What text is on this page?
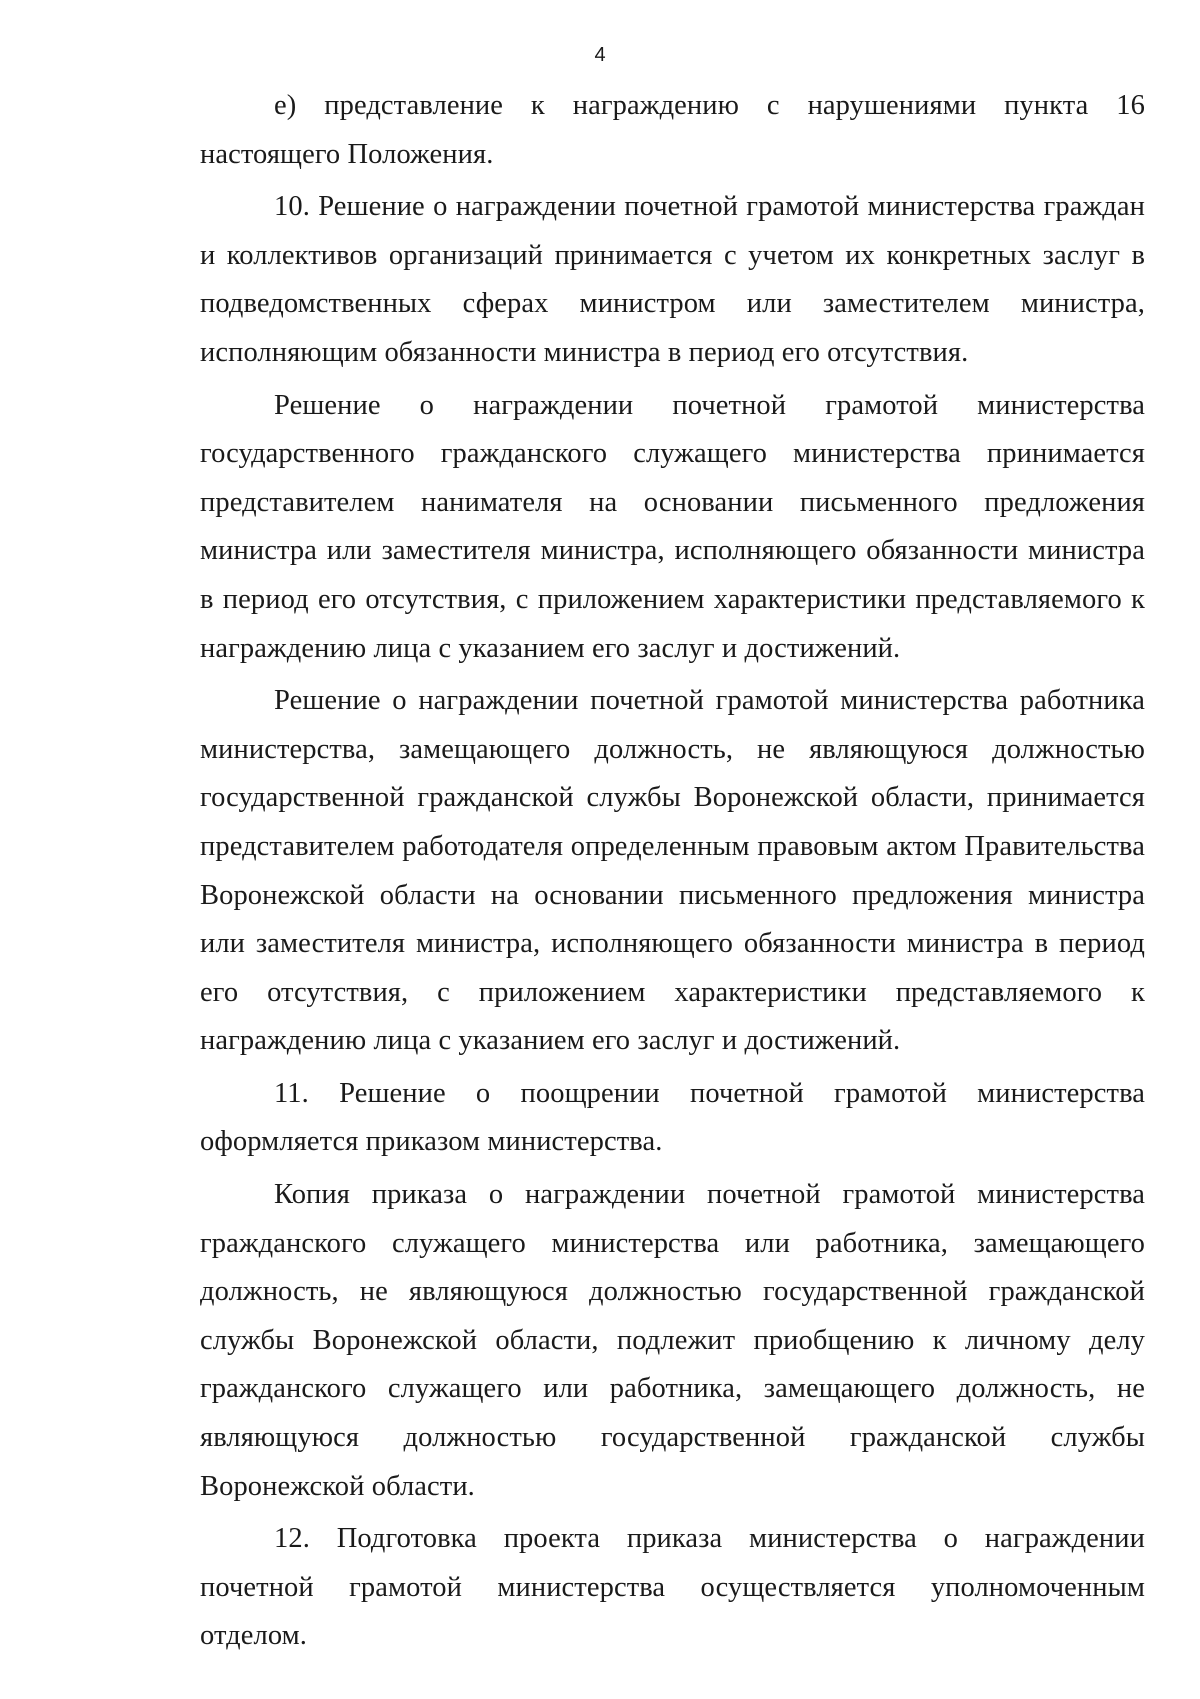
4

е) представление к награждению с нарушениями пункта 16 настоящего Положения.

10. Решение о награждении почетной грамотой министерства граждан и коллективов организаций принимается с учетом их конкретных заслуг в подведомственных сферах министром или заместителем министра, исполняющим обязанности министра в период его отсутствия.

Решение о награждении почетной грамотой министерства государственного гражданского служащего министерства принимается представителем нанимателя на основании письменного предложения министра или заместителя министра, исполняющего обязанности министра в период его отсутствия, с приложением характеристики представляемого к награждению лица с указанием его заслуг и достижений.

Решение о награждении почетной грамотой министерства работника министерства, замещающего должность, не являющуюся должностью государственной гражданской службы Воронежской области, принимается представителем работодателя определенным правовым актом Правительства Воронежской области на основании письменного предложения министра или заместителя министра, исполняющего обязанности министра в период его отсутствия, с приложением характеристики представляемого к награждению лица с указанием его заслуг и достижений.

11. Решение о поощрении почетной грамотой министерства оформляется приказом министерства.

Копия приказа о награждении почетной грамотой министерства гражданского служащего министерства или работника, замещающего должность, не являющуюся должностью государственной гражданской службы Воронежской области, подлежит приобщению к личному делу гражданского служащего или работника, замещающего должность, не являющуюся должностью государственной гражданской службы Воронежской области.

12. Подготовка проекта приказа министерства о награждении почетной грамотой министерства осуществляется уполномоченным отделом.
